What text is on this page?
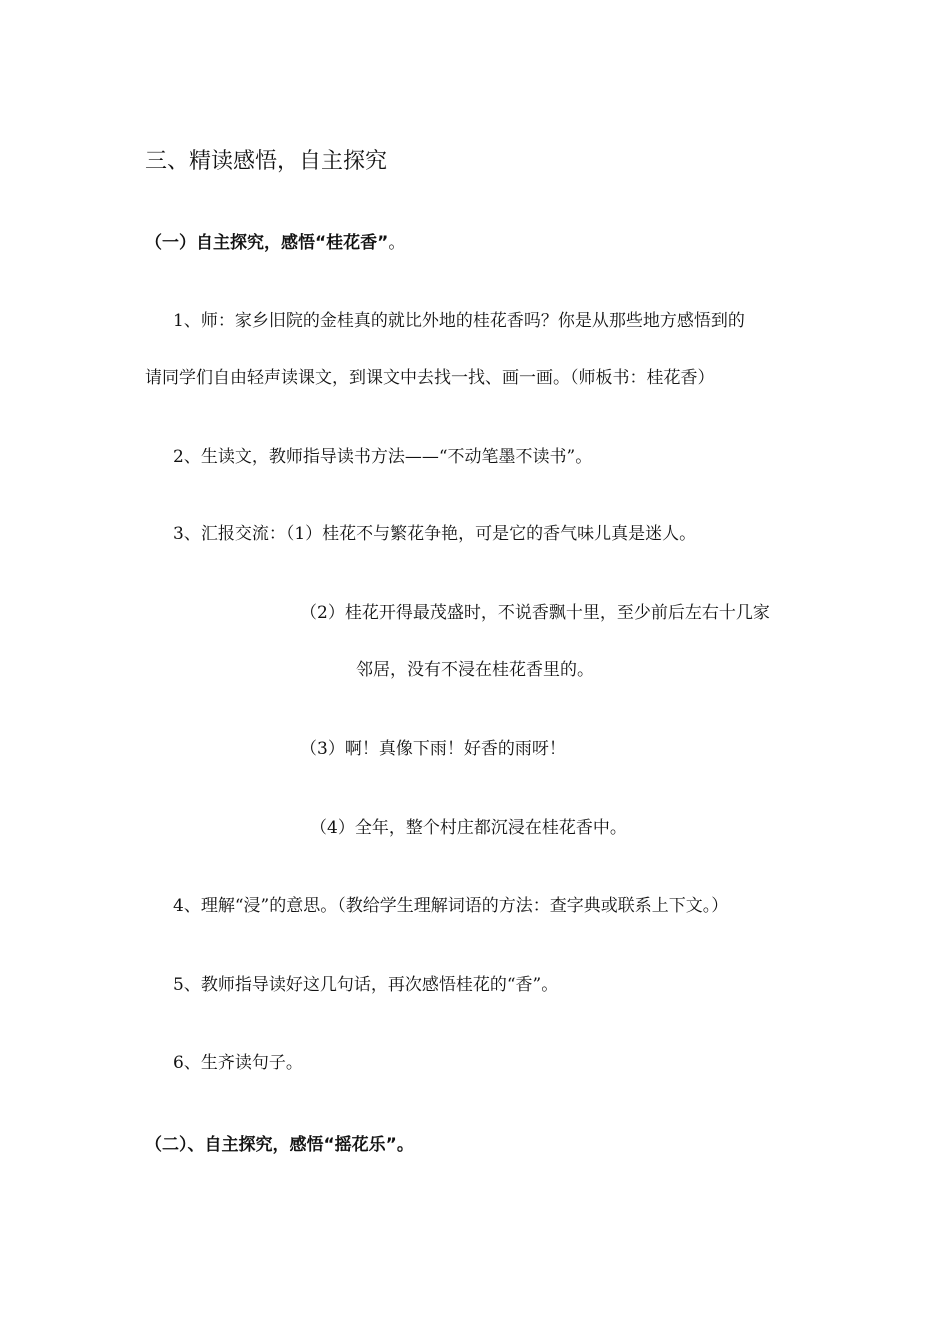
三、精读感悟，自主探究
（一）自主探究，感悟“桂花香”。
1、师：家乡旧院的金桂真的就比外地的桂花香吗？你是从那些地方感悟到的
请同学们自由轻声读课文，到课文中去找一找、画一画。（师板书：桂花香）
2、生读文，教师指导读书方法——“不动笔墨不读书”。
3、汇报交流：（1）桂花不与繁花争艳，可是它的香气味儿真是迷人。
（2）桂花开得最茂盛时，不说香飘十里，至少前后左右十几家
邻居，没有不浸在桂花香里的。
（3）啊！真像下雨！好香的雨呀！
（4）全年，整个村庄都沉浸在桂花香中。
4、理解“浸”的意思。（教给学生理解词语的方法：查字典或联系上下文。）
5、教师指导读好这几句话，再次感悟桂花的“香”。
6、生齐读句子。
（二）、自主探究，感悟“摇花乐”。
